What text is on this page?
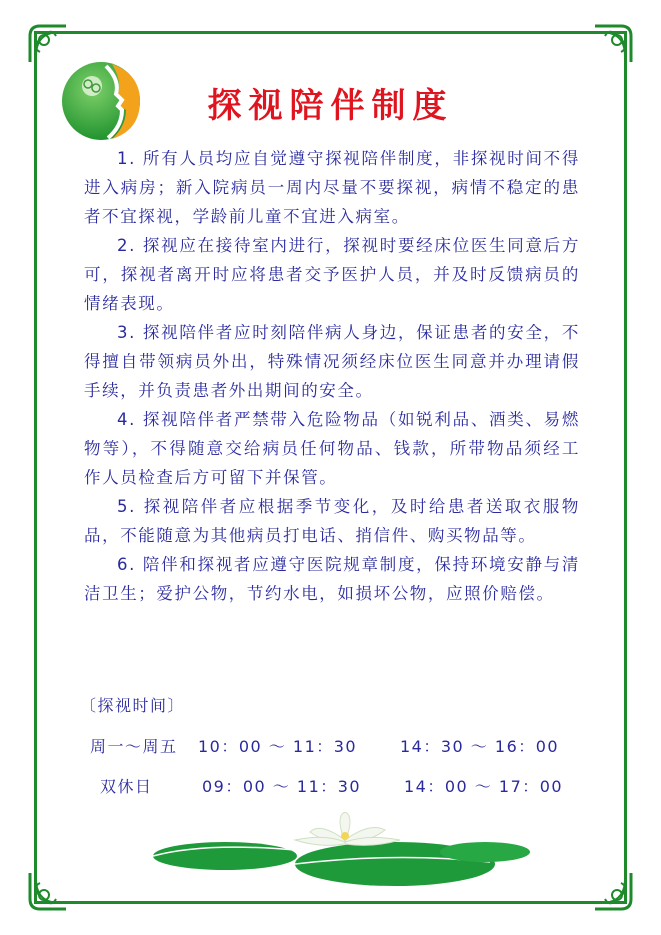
探视陪伴制度

1. 所有人员均应自觉遵守探视陪伴制度，非探视时间不得进入病房；新入院病员一周内尽量不要探视，病情不稳定的患者不宜探视，学龄前儿童不宜进入病室。

2. 探视应在接待室内进行，探视时要经床位医生同意后方可，探视者离开时应将患者交予医护人员，并及时反馈病员的情绪表现。

3. 探视陪伴者应时刻陪伴病人身边，保证患者的安全，不得擅自带领病员外出，特殊情况须经床位医生同意并办理请假手续，并负责患者外出期间的安全。

4. 探视陪伴者严禁带入危险物品（如锐利品、酒类、易燃物等），不得随意交给病员任何物品、钱款，所带物品须经工作人员检查后方可留下并保管。

5. 探视陪伴者应根据季节变化，及时给患者送取衣服物品，不能随意为其他病员打电话、捎信件、购买物品等。

6. 陪伴和探视者应遵守医院规章制度，保持环境安静与清洁卫生；爱护公物，节约水电，如损坏公物，应照价赔偿。

〔探视时间〕

周一～周五 10：00 ～ 11：30	14：30 ～ 16：00
双休日	09：00 ～ 11：30	14：00 ～ 17：00
